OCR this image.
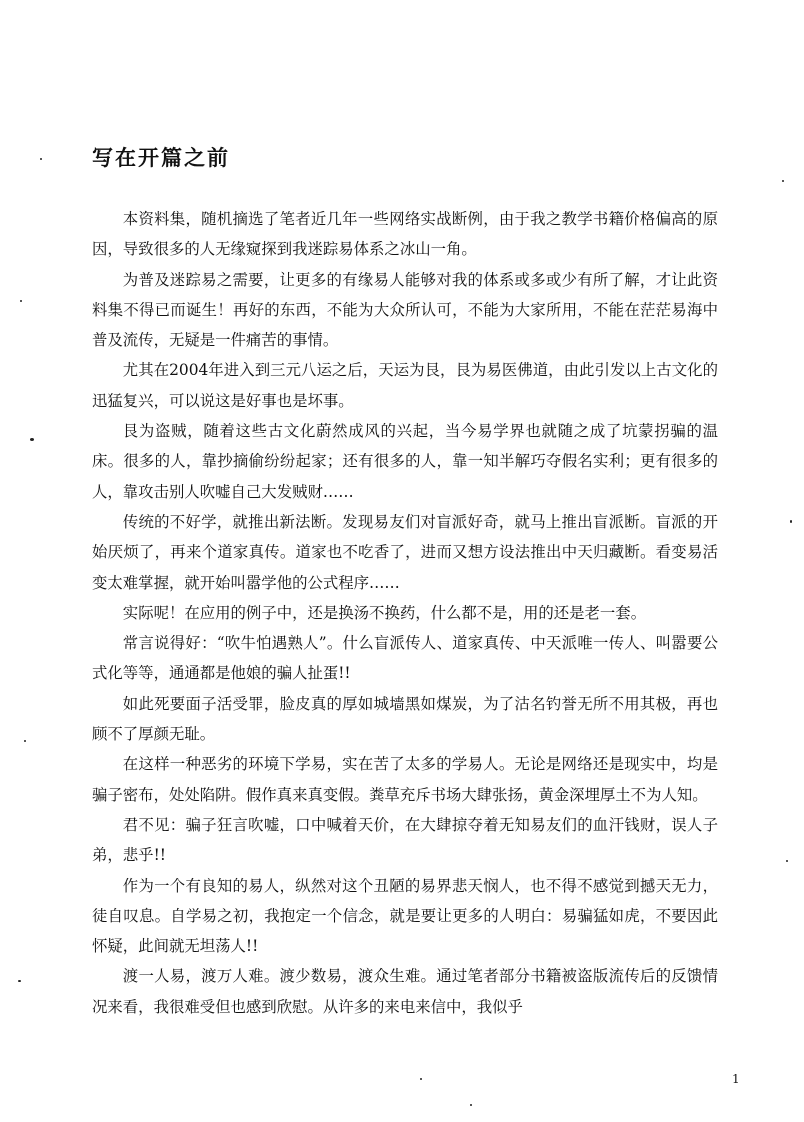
写在开篇之前

本资料集，随机摘选了笔者近几年一些网络实战断例，由于我之教学书籍价格偏高的原因，导致很多的人无缘窥探到我迷踪易体系之冰山一角。

为普及迷踪易之需要，让更多的有缘易人能够对我的体系或多或少有所了解，才让此资料集不得已而诞生！再好的东西，不能为大众所认可，不能为大家所用，不能在茫茫易海中普及流传，无疑是一件痛苦的事情。

尤其在2004年进入到三元八运之后，天运为艮，艮为易医佛道，由此引发以上古文化的迅猛复兴，可以说这是好事也是坏事。

艮为盗贼，随着这些古文化蔚然成风的兴起，当今易学界也就随之成了坑蒙拐骗的温床。很多的人，靠抄摘偷纷纷起家；还有很多的人，靠一知半解巧夺假名实利；更有很多的人，靠攻击别人吹嘘自己大发贼财……

传统的不好学，就推出新法断。发现易友们对盲派好奇，就马上推出盲派断。盲派的开始厌烦了，再来个道家真传。道家也不吃香了，进而又想方设法推出中天归藏断。看变易活变太难掌握，就开始叫嚣学他的公式程序……

实际呢！在应用的例子中，还是换汤不换药，什么都不是，用的还是老一套。

常言说得好：“吹牛怕遇熟人”。什么盲派传人、道家真传、中天派唯一传人、叫嚣要公式化等等，通通都是他娘的骗人扯蛋!!

如此死要面子活受罪，脸皮真的厚如城墙黑如煤炭，为了沽名钓誉无所不用其极，再也顾不了厚颜无耻。

在这样一种恶劣的环境下学易，实在苦了太多的学易人。无论是网络还是现实中，均是骗子密布，处处陷阱。假作真来真变假。粪草充斥书场大肆张扬，黄金深埋厚土不为人知。

君不见：骗子狂言吹嘘，口中喊着天价，在大肆掠夺着无知易友们的血汗钱财，误人子弟，悲乎!!

作为一个有良知的易人，纵然对这个丑陋的易界悲天悯人，也不得不感觉到撼天无力，徒自叹息。自学易之初，我抱定一个信念，就是要让更多的人明白：易骗猛如虎，不要因此怀疑，此间就无坦荡人!!

渡一人易，渡万人难。渡少数易，渡众生难。通过笔者部分书籍被盗版流传后的反馈情况来看，我很难受但也感到欣慰。从许多的来电来信中，我似乎

1
